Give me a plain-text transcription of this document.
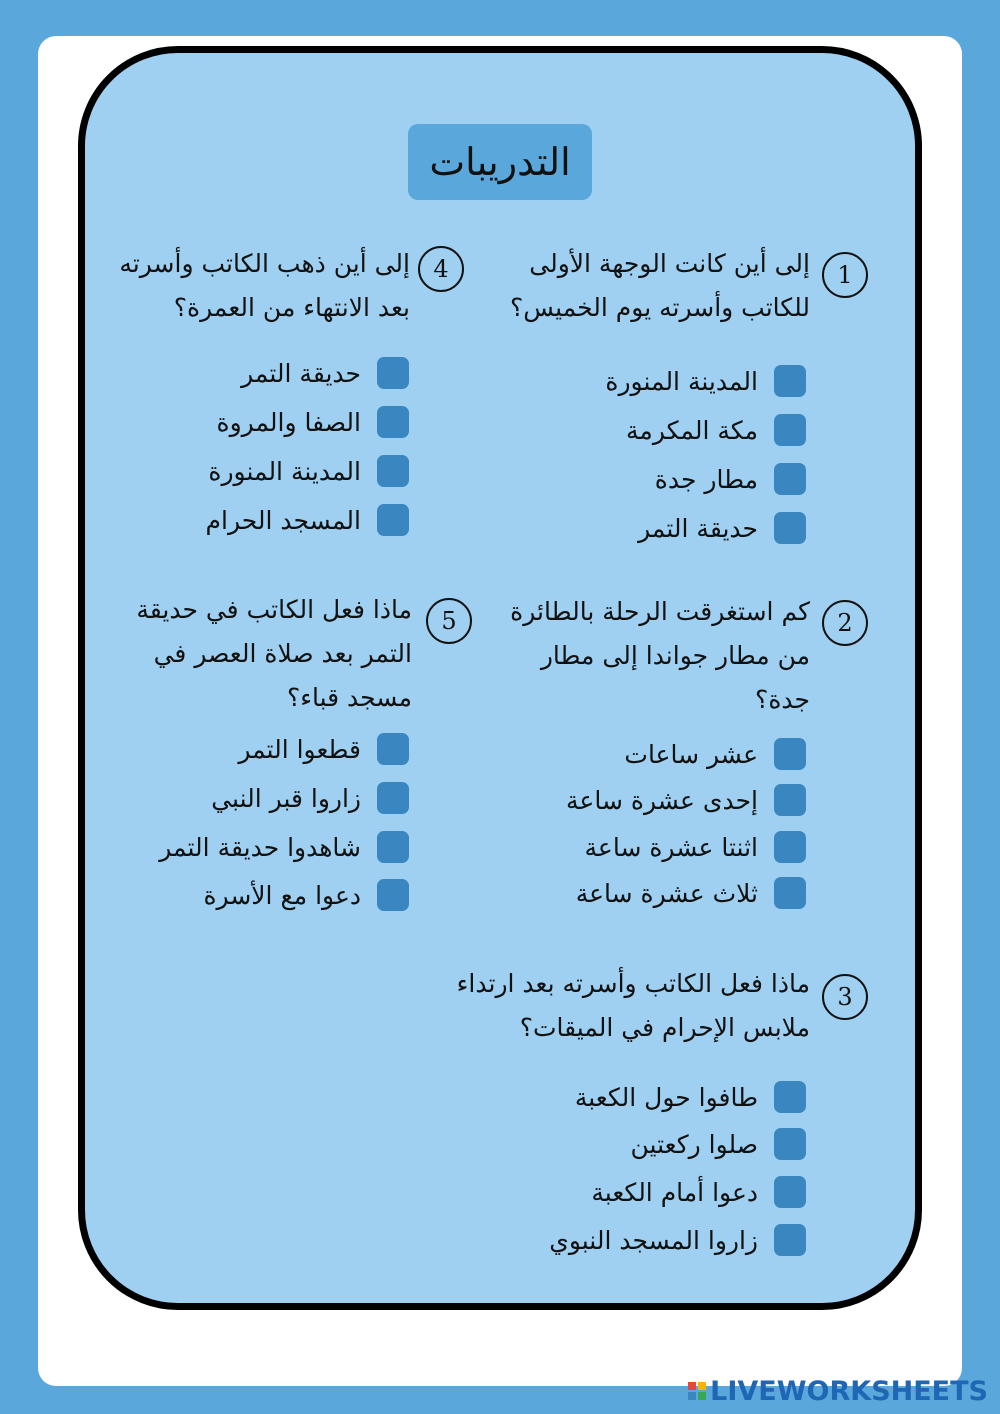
التدريبات
1
إلى أين كانت الوجهة الأولى للكاتب وأسرته يوم الخميس؟
المدينة المنورة
مكة المكرمة
مطار جدة
حديقة التمر
2
كم استغرقت الرحلة بالطائرة من مطار جواندا إلى مطار جدة؟
عشر ساعات
إحدى عشرة ساعة
اثنتا عشرة ساعة
ثلاث عشرة ساعة
3
ماذا فعل الكاتب وأسرته بعد ارتداء ملابس الإحرام في الميقات؟
طافوا حول الكعبة
صلوا ركعتين
دعوا أمام الكعبة
زاروا المسجد النبوي
4
إلى أين ذهب الكاتب وأسرته بعد الانتهاء من العمرة؟
حديقة التمر
الصفا والمروة
المدينة المنورة
المسجد الحرام
5
ماذا فعل الكاتب في حديقة التمر بعد صلاة العصر في مسجد قباء؟
قطعوا التمر
زاروا قبر النبي
شاهدوا حديقة التمر
دعوا مع الأسرة
LIVEWORKSHEETS
